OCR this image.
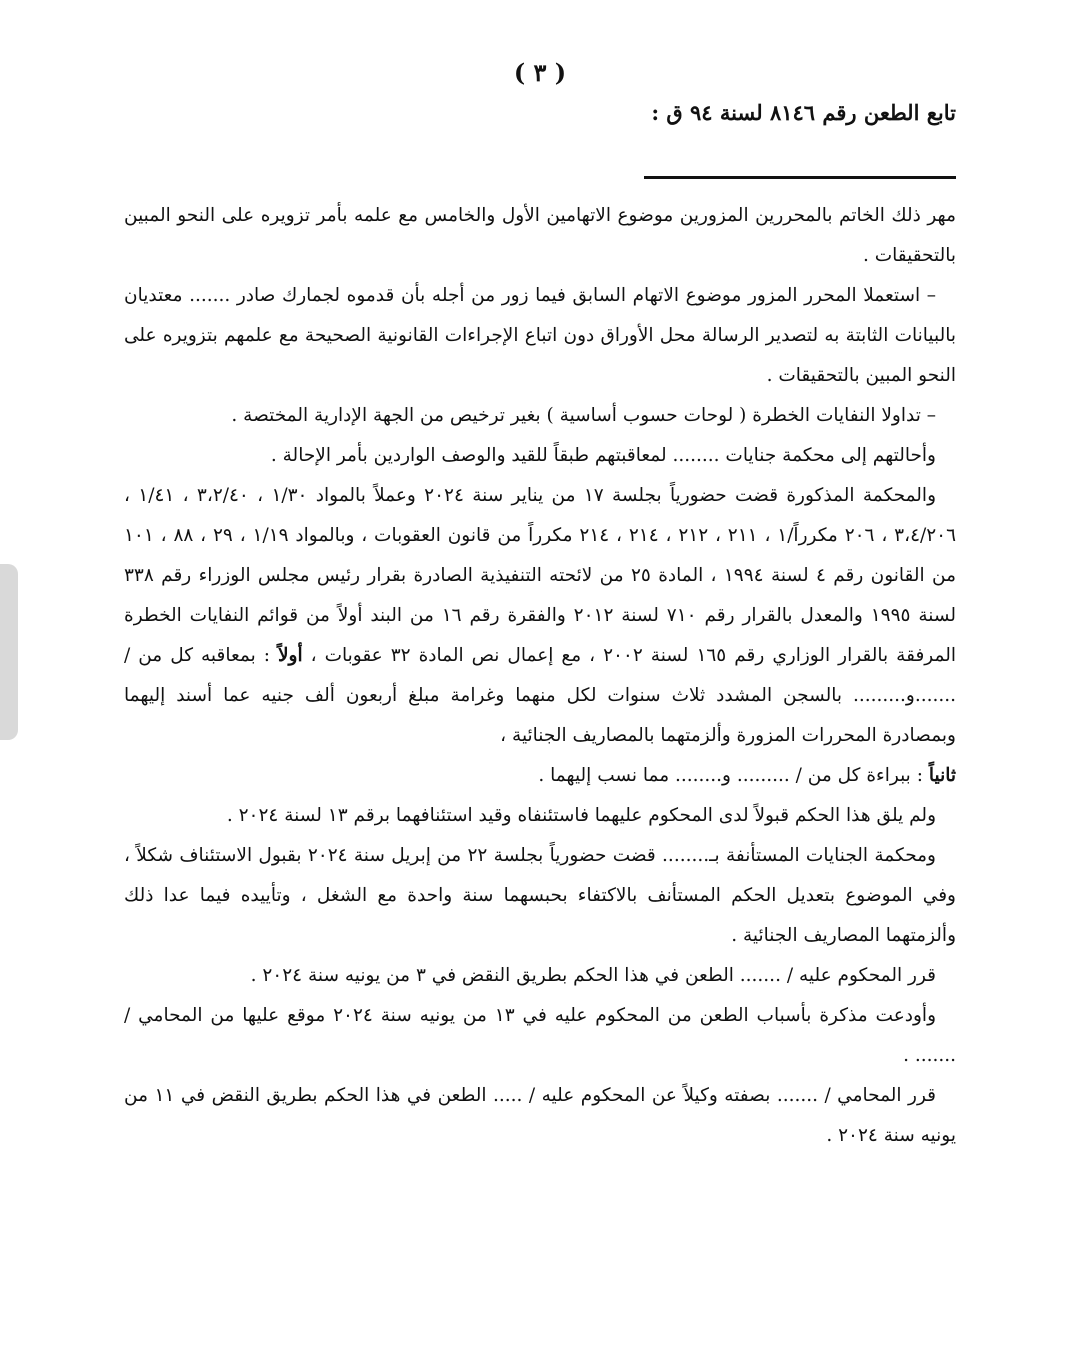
( ٣ )
تابع الطعن رقم ٨١٤٦ لسنة ٩٤ ق :

مهر ذلك الخاتم بالمحررين المزورين موضوع الاتهامين الأول والخامس مع علمه بأمر تزويره على النحو المبين بالتحقيقات .

– استعملا المحرر المزور موضوع الاتهام السابق فيما زور من أجله بأن قدموه لجمارك صادر ....... معتديان بالبيانات الثابتة به لتصدير الرسالة محل الأوراق دون اتباع الإجراءات القانونية الصحيحة مع علمهم بتزويره على النحو المبين بالتحقيقات .

– تداولا النفايات الخطرة ( لوحات حسوب أساسية ) بغير ترخيص من الجهة الإدارية المختصة .

وأحالتهم إلى محكمة جنايات ........ لمعاقبتهم طبقاً للقيد والوصف الواردين بأمر الإحالة .

والمحكمة المذكورة قضت حضورياً بجلسة ١٧ من يناير سنة ٢٠٢٤ وعملاً بالمواد ١/٣٠ ، ٣،٢/٤٠ ، ١/٤١ ، ٣،٤/٢٠٦ ، ٢٠٦ مكرراً/١ ، ٢١١ ، ٢١٢ ، ٢١٤ ، ٢١٤ مكرراً من قانون العقوبات ، وبالمواد ١/١٩ ، ٢٩ ، ٨٨ ، ١٠١ من القانون رقم ٤ لسنة ١٩٩٤ ، المادة ٢٥ من لائحته التنفيذية الصادرة بقرار رئيس مجلس الوزراء رقم ٣٣٨ لسنة ١٩٩٥ والمعدل بالقرار رقم ٧١٠ لسنة ٢٠١٢ والفقرة رقم ١٦ من البند أولاً من قوائم النفايات الخطرة المرفقة بالقرار الوزاري رقم ١٦٥ لسنة ٢٠٠٢ ، مع إعمال نص المادة ٣٢ عقوبات ، أولاً : بمعاقبه كل من / .......و......... بالسجن المشدد ثلاث سنوات لكل منهما وغرامة مبلغ أربعون ألف جنيه عما أسند إليهما وبمصادرة المحررات المزورة وألزمتهما بالمصاريف الجنائية ،

ثانياً : ببراءة كل من / ......... و........ مما نسب إليهما .

ولم يلق هذا الحكم قبولاً لدى المحكوم عليهما فاستئنفاه وقيد استئنافهما برقم ١٣ لسنة ٢٠٢٤ .

ومحكمة الجنايات المستأنفة بـ........ قضت حضورياً بجلسة ٢٢ من إبريل سنة ٢٠٢٤ بقبول الاستئناف شكلاً ، وفي الموضوع بتعديل الحكم المستأنف بالاكتفاء بحبسهما سنة واحدة مع الشغل ، وتأييده فيما عدا ذلك وألزمتهما المصاريف الجنائية .

قرر المحكوم عليه / ....... الطعن في هذا الحكم بطريق النقض في ٣ من يونيه سنة ٢٠٢٤ .

وأودعت مذكرة بأسباب الطعن من المحكوم عليه في ١٣ من يونيه سنة ٢٠٢٤ موقع عليها من المحامي / ....... .

قرر المحامي / ....... بصفته وكيلاً عن المحكوم عليه / ..... الطعن في هذا الحكم بطريق النقض في ١١ من يونيه سنة ٢٠٢٤ .
